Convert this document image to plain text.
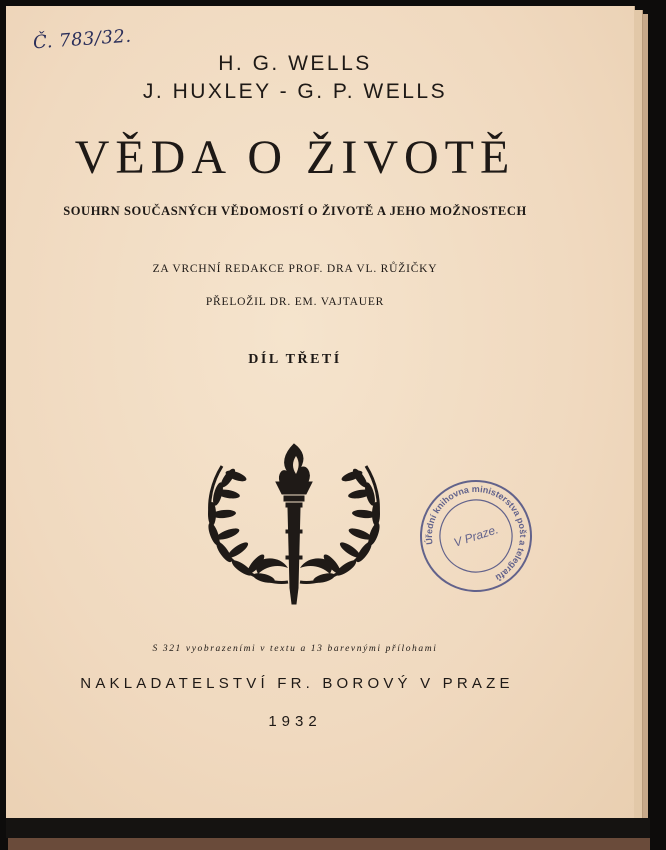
Č. 783/32.
H. G. WELLS
J. HUXLEY - G. P. WELLS
VĚDA O ŽIVOTĚ
SOUHRN SOUČASNÝCH VĚDOMOSTÍ O ŽIVOTĚ A JEHO MOŽNOSTECH
ZA VRCHNÍ REDAKCE PROF. DRA VL. RŮŽIČKY
PŘELOŽIL DR. EM. VAJTAUER
DÍL TŘETÍ
Úřední knihovna ministerstva pošt a telegrafů
V Praze.
S 321 vyobrazeními v textu a 13 barevnými přílohami
NAKLADATELSTVÍ FR. BOROVÝ V PRAZE
1932
